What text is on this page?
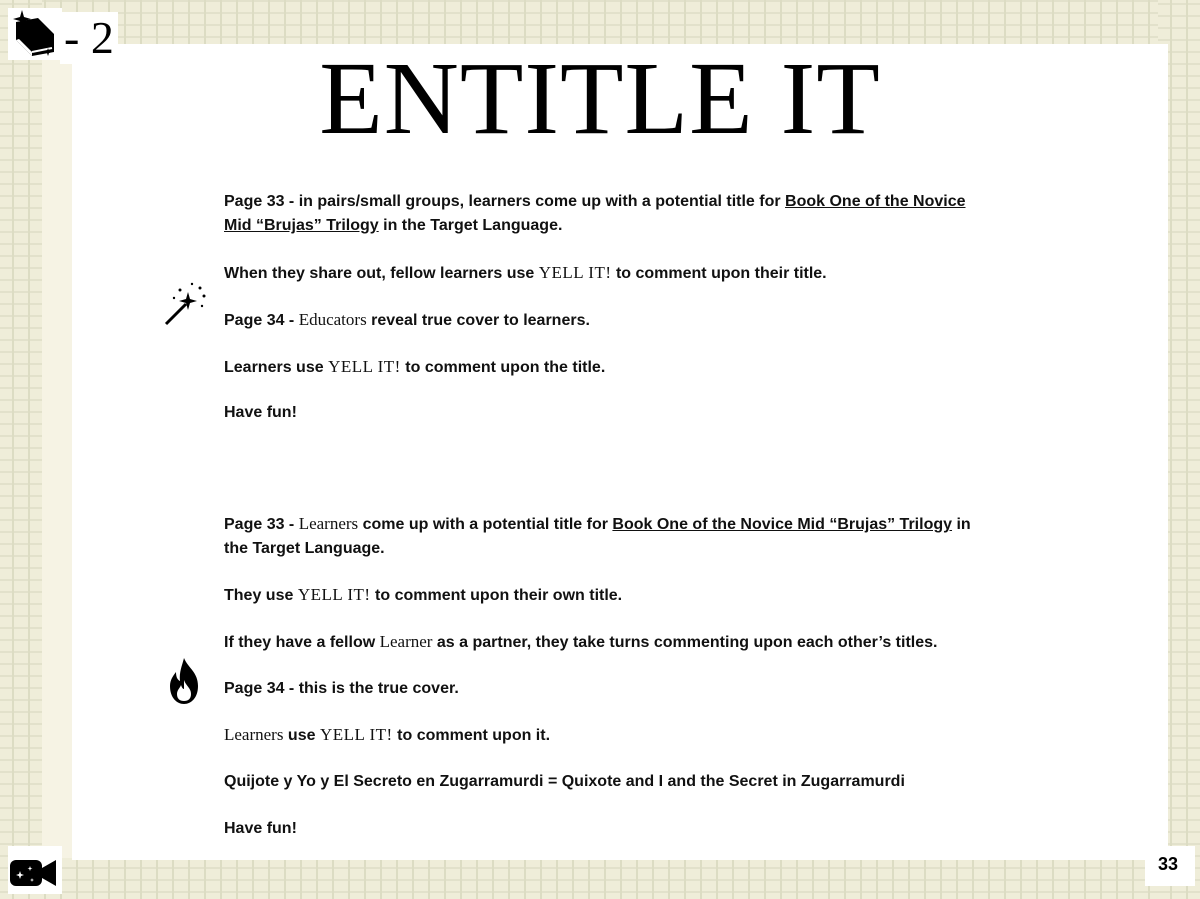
- 2
ENTITLE IT
Page 33 - in pairs/small groups, learners come up with a potential title for Book One of the Novice Mid “Brujas” Trilogy in the Target Language.
When they share out, fellow learners use YELL IT! to comment upon their title.
Page 34 - Educators reveal true cover to learners.
Learners use YELL IT! to comment upon the title.
Have fun!
Page 33 - Learners come up with a potential title for Book One of the Novice Mid “Brujas” Trilogy in the Target Language.
They use YELL IT! to comment upon their own title.
If they have a fellow Learner as a partner, they take turns commenting upon each other’s titles.
Page 34 - this is the true cover.
Learners use YELL IT! to comment upon it.
Quijote y Yo y El Secreto en Zugarramurdi = Quixote and I and the Secret in Zugarramurdi
Have fun!
33
